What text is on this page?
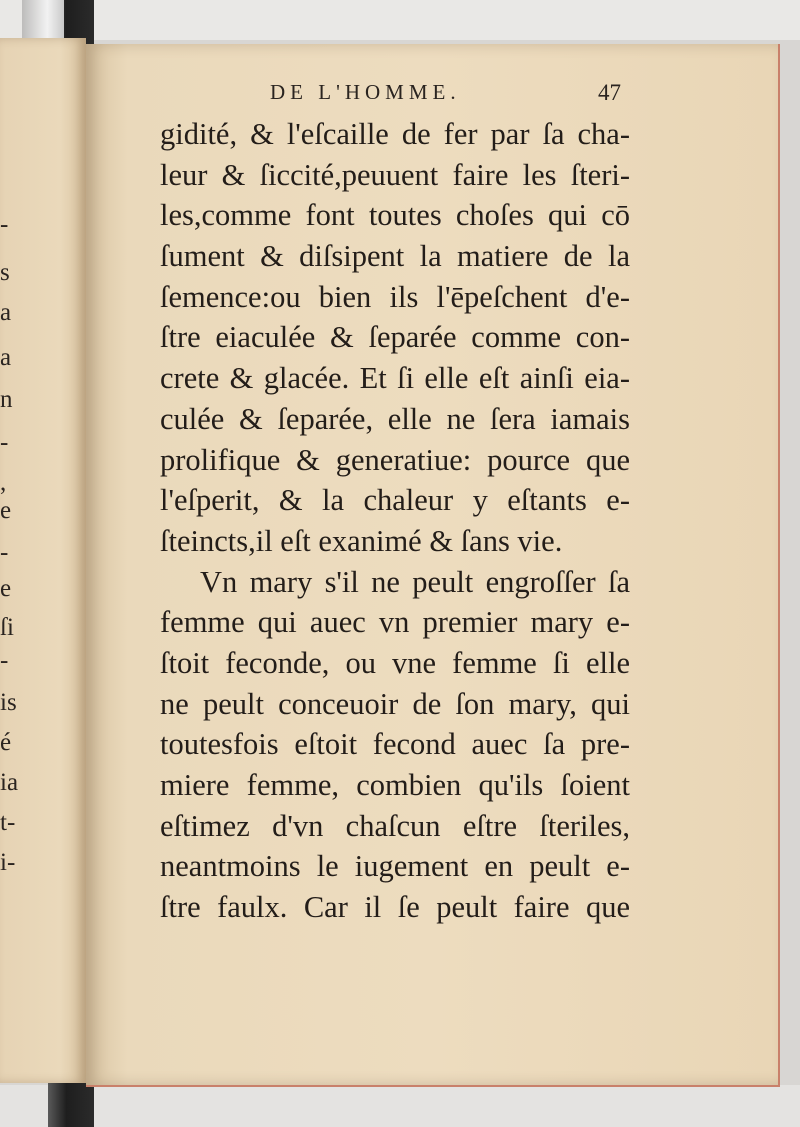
-
s
a
a
n
-
,
e
-
e
ſi
-
is
é
ia
t-
i-
DE L'HOMME.	47
gidité, & l'eſcaille de fer par ſa cha-
leur & ſiccité,peuuent faire les ſteri-
les,comme font toutes choſes qui cō
ſument & diſsipent la matiere de la
ſemence:ou bien ils l'ēpeſchent d'e-
ſtre eiaculée & ſeparée comme con-
crete & glacée. Et ſi elle eſt ainſi eia-
culée & ſeparée, elle ne ſera iamais
prolifique & generatiue: pource que
l'eſperit, & la chaleur y eſtants e-
ſteincts,il eſt exanimé & ſans vie.
Vn mary s'il ne peult engroſſer ſa
femme qui auec vn premier mary e-
ſtoit feconde, ou vne femme ſi elle
ne peult conceuoir de ſon mary, qui
toutesfois eſtoit fecond auec ſa pre-
miere femme, combien qu'ils ſoient
eſtimez d'vn chaſcun eſtre ſteriles,
neantmoins le iugement en peult e-
ſtre faulx. Car il ſe peult faire que
